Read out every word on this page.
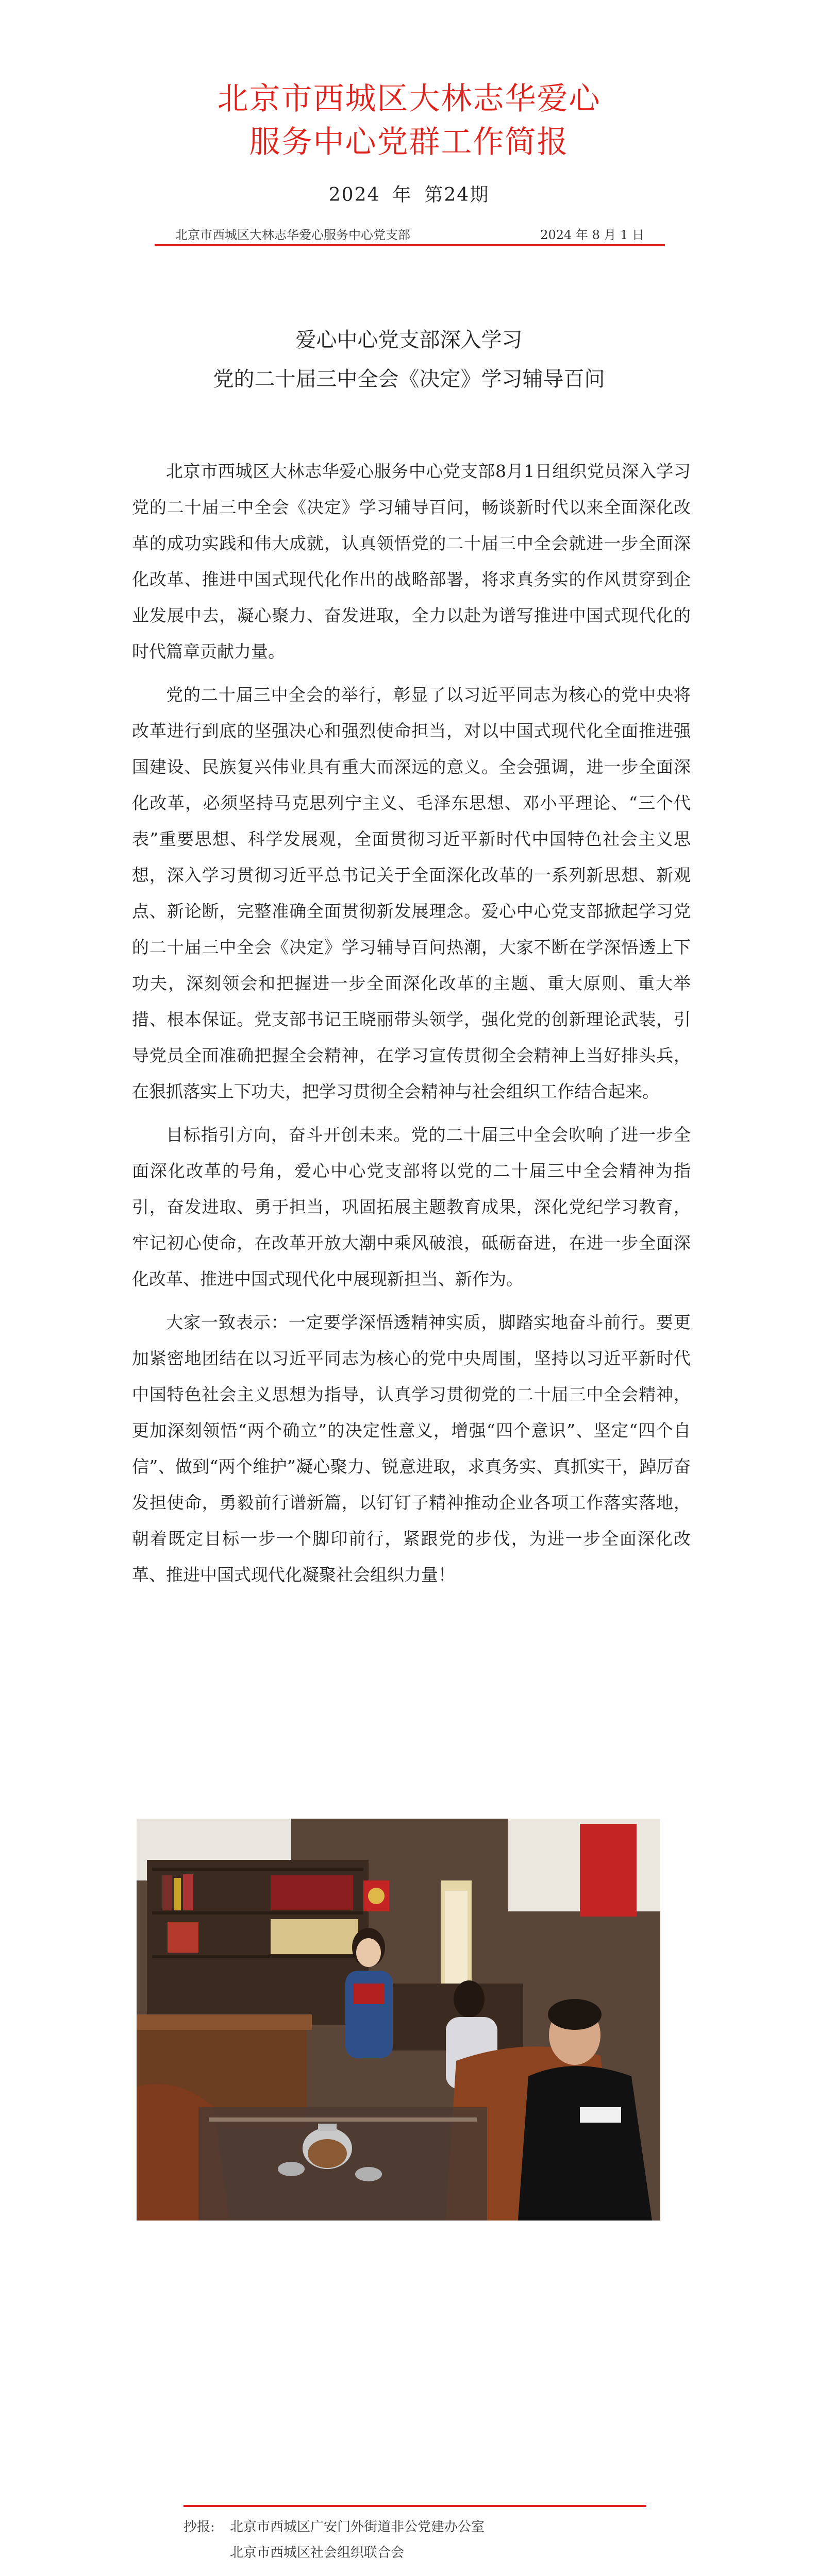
北京市西城区大林志华爱心
服务中心党群工作简报
2024 年 第24期
北京市西城区大林志华爱心服务中心党支部	2024 年 8 月 1 日
爱心中心党支部深入学习
党的二十届三中全会《决定》学习辅导百问

北京市西城区大林志华爱心服务中心党支部8月1日组织党员深入学习党的二十届三中全会《决定》学习辅导百问，畅谈新时代以来全面深化改革的成功实践和伟大成就，认真领悟党的二十届三中全会就进一步全面深化改革、推进中国式现代化作出的战略部署，将求真务实的作风贯穿到企业发展中去，凝心聚力、奋发进取，全力以赴为谱写推进中国式现代化的时代篇章贡献力量。

党的二十届三中全会的举行，彰显了以习近平同志为核心的党中央将改革进行到底的坚强决心和强烈使命担当，对以中国式现代化全面推进强国建设、民族复兴伟业具有重大而深远的意义。全会强调，进一步全面深化改革，必须坚持马克思列宁主义、毛泽东思想、邓小平理论、“三个代表”重要思想、科学发展观，全面贯彻习近平新时代中国特色社会主义思想，深入学习贯彻习近平总书记关于全面深化改革的一系列新思想、新观点、新论断，完整准确全面贯彻新发展理念。爱心中心党支部掀起学习党的二十届三中全会《决定》学习辅导百问热潮，大家不断在学深悟透上下功夫，深刻领会和把握进一步全面深化改革的主题、重大原则、重大举措、根本保证。党支部书记王晓丽带头领学，强化党的创新理论武装，引导党员全面准确把握全会精神，在学习宣传贯彻全会精神上当好排头兵，在狠抓落实上下功夫，把学习贯彻全会精神与社会组织工作结合起来。

目标指引方向，奋斗开创未来。党的二十届三中全会吹响了进一步全面深化改革的号角，爱心中心党支部将以党的二十届三中全会精神为指引，奋发进取、勇于担当，巩固拓展主题教育成果，深化党纪学习教育，牢记初心使命，在改革开放大潮中乘风破浪，砥砺奋进，在进一步全面深化改革、推进中国式现代化中展现新担当、新作为。

大家一致表示：一定要学深悟透精神实质，脚踏实地奋斗前行。要更加紧密地团结在以习近平同志为核心的党中央周围，坚持以习近平新时代中国特色社会主义思想为指导，认真学习贯彻党的二十届三中全会精神，更加深刻领悟“两个确立”的决定性意义，增强“四个意识”、坚定“四个自信”、做到“两个维护”凝心聚力、锐意进取，求真务实、真抓实干，踔厉奋发担使命，勇毅前行谱新篇，以钉钉子精神推动企业各项工作落实落地，朝着既定目标一步一个脚印前行，紧跟党的步伐，为进一步全面深化改革、推进中国式现代化凝聚社会组织力量！

抄报: 北京市西城区广安门外街道非公党建办公室
北京市西城区社会组织联合会
